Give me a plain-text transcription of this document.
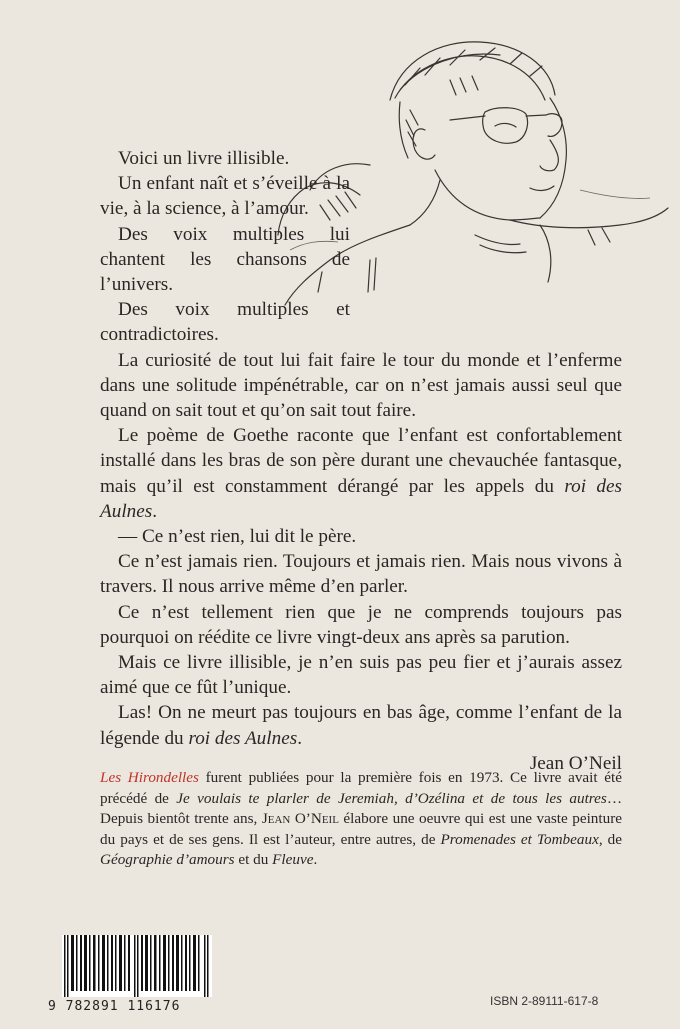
Voici un livre illisible.

Un enfant naît et s’éveille à la vie, à la science, à l’amour.

Des voix multiples lui chantent les chansons de l’univers.

Des voix multiples et contradictoires.

La curiosité de tout lui fait faire le tour du monde et l’enferme dans une solitude impénétrable, car on n’est jamais aussi seul que quand on sait tout et qu’on sait tout faire.

Le poème de Goethe raconte que l’enfant est confortablement installé dans les bras de son père durant une chevauchée fantasque, mais qu’il est constamment dérangé par les appels du roi des Aulnes.

— Ce n’est rien, lui dit le père.

Ce n’est jamais rien. Toujours et jamais rien. Mais nous vivons à travers. Il nous arrive même d’en parler.

Ce n’est tellement rien que je ne comprends toujours pas pourquoi on réédite ce livre vingt-deux ans après sa parution.

Mais ce livre illisible, je n’en suis pas peu fier et j’aurais assez aimé que ce fût l’unique.

Las! On ne meurt pas toujours en bas âge, comme l’enfant de la légende du roi des Aulnes.

Jean O’Neil

Les Hirondelles furent publiées pour la première fois en 1973. Ce livre avait été précédé de Je voulais te plarler de Jeremiah, d’Ozélina et de tous les autres… Depuis bientôt trente ans, Jean O’Neil élabore une oeuvre qui est une vaste peinture du pays et de ses gens. Il est l’auteur, entre autres, de Promenades et Tombeaux, de Géographie d’amours et du Fleuve.

9 782891 116176	ISBN 2-89111-617-8
